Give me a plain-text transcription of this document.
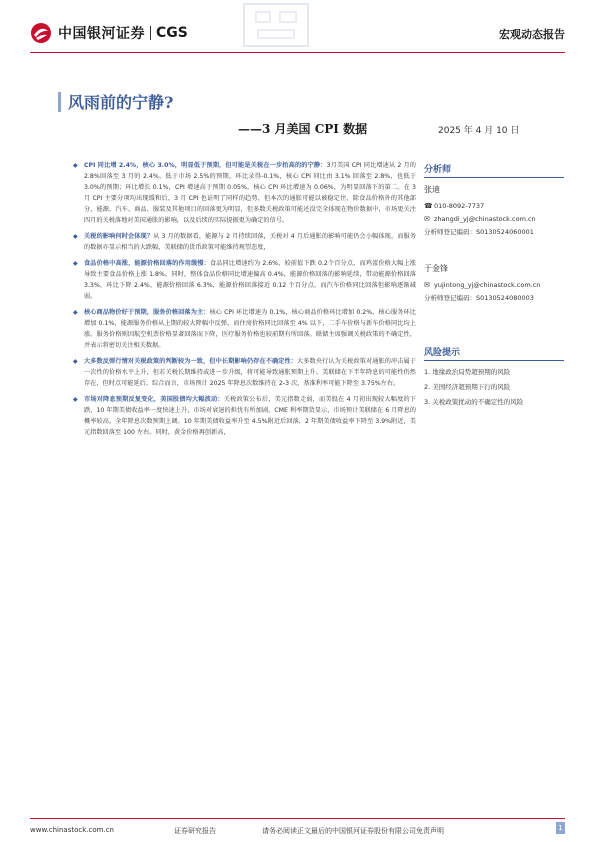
中国银河证券 CGS	宏观动态报告
风雨前的宁静?
——3 月美国 CPI 数据	2025 年 4 月 10 日

◆ CPI 同比增 2.4%，核心 3.0%，明显低于预期，但可能是关税在一步抬高的的宁静：3月美国 CPI 同比增速从 2 月的 2.8%回落至 3 月的 2.4%，低于市场 2.5%的预期，环比录得-0.1%，核心 CPI 同比由 3.1% 回落至 2.8%，也低于 3.0%的预期；环比增长 0.1%，CPI 增速高于预期 0.05%，核心 CPI 环比增速为 0.06%，为明显回落下的第二。在 3 月 CPI 主要分项均出现缓和后，3 月 CPI 也证明了同样的趋势，但本次的通胀可能以被稳定住，除食品价格外的其他部分，能源、汽车、商品、服装及其他项目的回落更为明显，但多数关税政策可能还没完全体现在物价数据中，市场更关注四月的关税落地对美国通胀的影响，以及后续的实际提振更为确定的信号。

◆ 关税的影响何时会体现？从 3 月的数据看，能源与 2 月持续回落，关税对 4 月后通胀的影响可能仍会小幅体现，而服务的数据亦显示相当的大跌幅，美联储的货币政策可能维持观望态度，

◆ 食品价格中高涨，能源价格回落的作用缓慢：食品同比增速约为 2.6%，较前值下跌 0.2个百分点，而鸡蛋价格大幅上涨导致主要食品价格上涨 1.8%，同时，整体食品价格同比增速偏高 0.4%，能源价格回落的影响延续，带动能源价格回落 3.3%，环比下降 2.4%，能源价格回落 6.3%，能源价格回落接近 0.12 个百分点，而汽车价格同比回落但影响逐渐减弱。

◆ 核心商品物价好于预期，服务价格回落为主：核心 CPI 环比增速为 0.1%，核心商品价格环比增加 0.2%，核心服务环比增加 0.1%，能源服务价格从上期的较大降幅中反弹，而住房价格同比回落至 4% 以下，二手车价格与新车价格同比均上涨。服务价格则因航空机票价格显著回落而下降，医疗服务价格也较前期有所回落。联储主席强调关税政策的不确定性，并表示将密切关注相关数据。

◆ 大多数反弹行情对关税政策的判断较为一致，但中长期影响仍存在不确定性：大多数央行认为关税政策对通胀的冲击属于一次性的价格水平上升，但若关税长期维持或进一步升级，将可能导致通胀预期上升。美联储在下半年降息的可能性仍然存在，但时点可能延后。综合而言，市场预计 2025 年降息次数维持在 2-3 次，基准利率可能下降至 3.75%左右。

◆ 市场对降息预期反复变化，美国股债均大幅波动：关税政策公布后，美元指数走弱，而美股在 4 月初出现较大幅度的下跌，10 年期美债收益率一度快速上升，市场对衰退的担忧有所加剧。CME 利率期货显示，市场预计美联储在 6 月降息的概率较高，全年降息次数预期上调。10 年期美债收益率升至 4.5%附近后回落，2 年期美债收益率下降至 3.9%附近，美元指数回落至 100 左右。同时，黄金价格再创新高，

分析师
张迪
☎ 010-8092-7737
✉ zhangdi_yj@chinastock.com.cn
分析师登记编码：S0130524060001
于金锋
✉ yujintong_yj@chinastock.com.cn
分析师登记编码：S0130524080003
风险提示
1. 地缘政治局势超预期的风险
2. 美国经济超预期下行的风险
3. 关税政策扰动的不确定性的风险
www.chinastock.com.cn	证券研究报告	请务必阅读正文最后的中国银河证券股份有限公司免责声明	1
